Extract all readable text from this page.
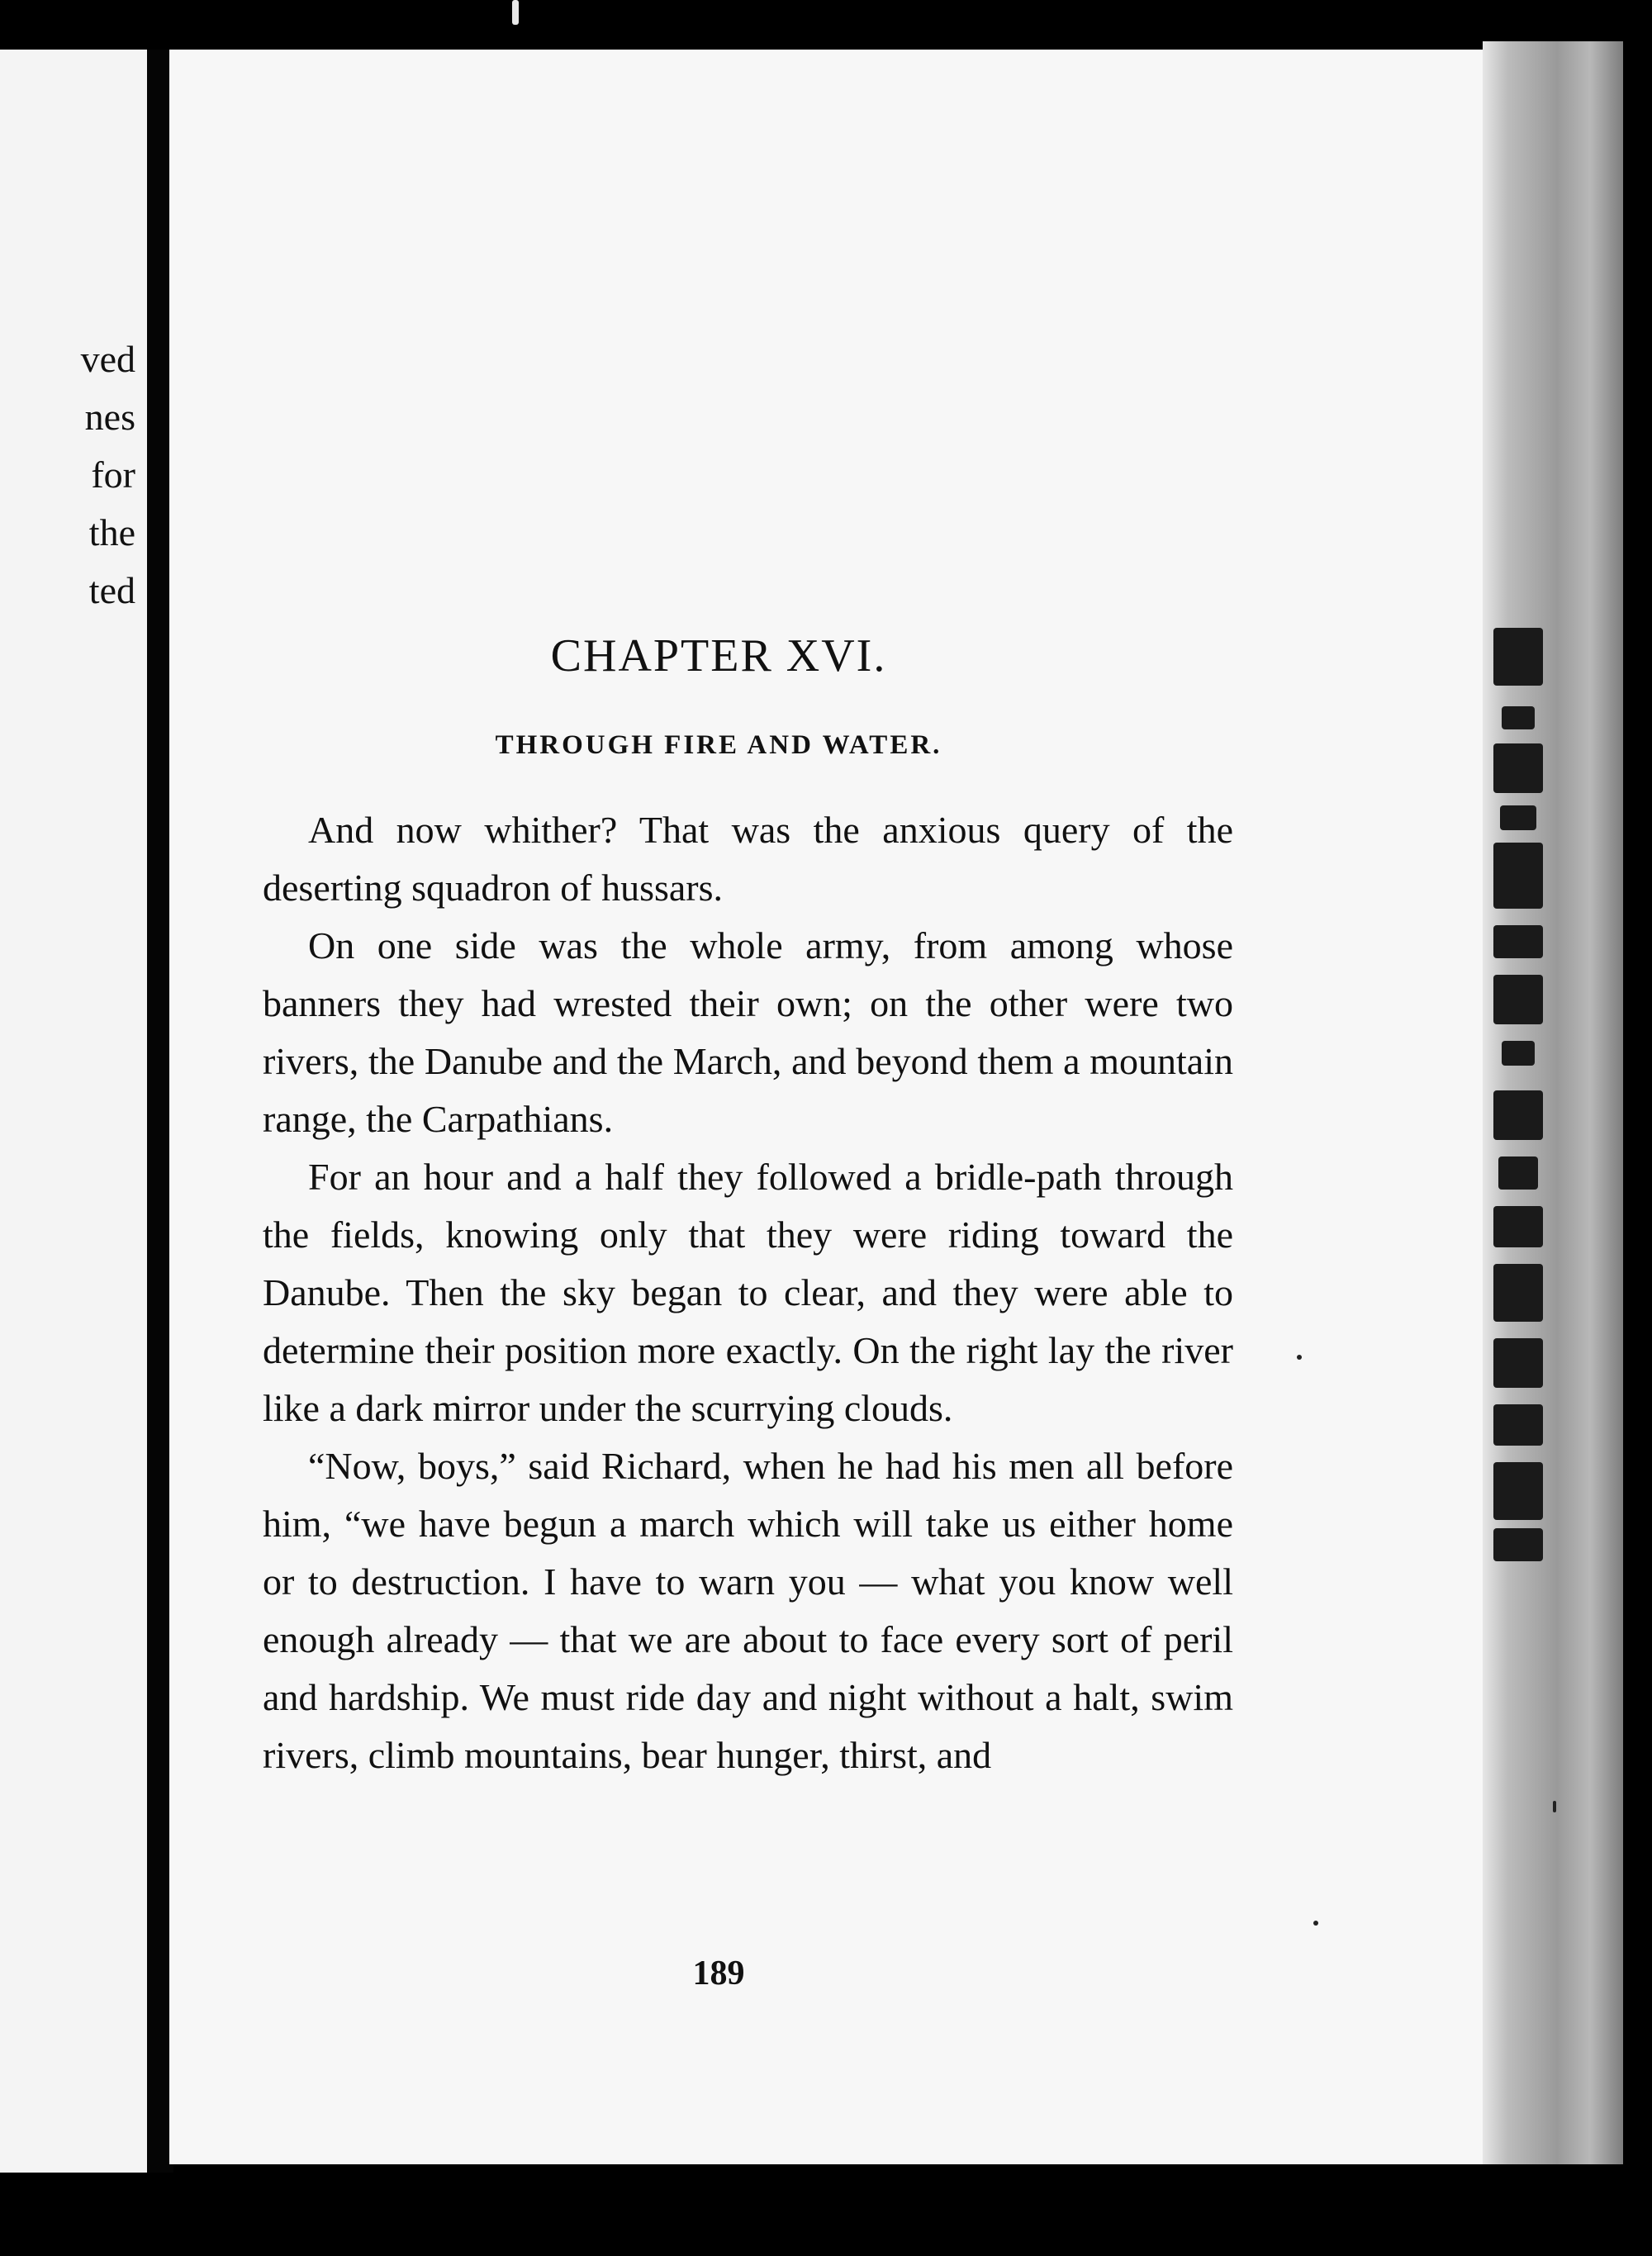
ved
nes
for
the
ted
CHAPTER XVI.
THROUGH FIRE AND WATER.

And now whither? That was the anxious query of the deserting squadron of hussars.

On one side was the whole army, from among whose banners they had wrested their own; on the other were two rivers, the Danube and the March, and beyond them a mountain range, the Carpathians.

For an hour and a half they followed a bridle-path through the fields, knowing only that they were riding toward the Danube. Then the sky began to clear, and they were able to determine their position more exactly. On the right lay the river like a dark mirror under the scurrying clouds.

“Now, boys,” said Richard, when he had his men all before him, “we have begun a march which will take us either home or to destruction. I have to warn you — what you know well enough already — that we are about to face every sort of peril and hardship. We must ride day and night without a halt, swim rivers, climb mountains, bear hunger, thirst, and

189
